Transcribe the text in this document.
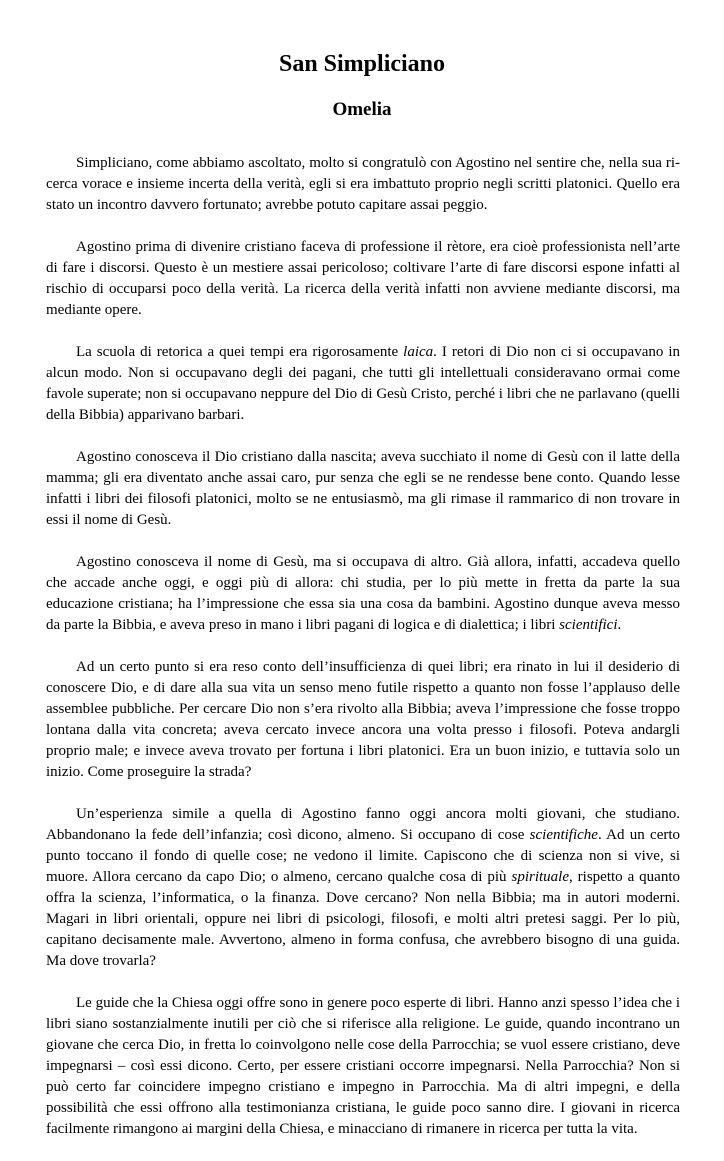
San Simpliciano
Omelia

Simpliciano, come abbiamo ascoltato, molto si congratulò con Agostino nel sentire che, nella sua ricerca vorace e insieme incerta della verità, egli si era imbattuto proprio negli scritti platonici. Quello era stato un incontro davvero fortunato; avrebbe potuto capitare assai peggio.

Agostino prima di divenire cristiano faceva di professione il rètore, era cioè professionista nell’arte di fare i discorsi. Questo è un mestiere assai pericoloso; coltivare l’arte di fare discorsi espone infatti al rischio di occuparsi poco della verità. La ricerca della verità infatti non avviene mediante discorsi, ma mediante opere.

La scuola di retorica a quei tempi era rigorosamente laica. I retori di Dio non ci si occupavano in alcun modo. Non si occupavano degli dei pagani, che tutti gli intellettuali consideravano ormai come favole superate; non si occupavano neppure del Dio di Gesù Cristo, perché i libri che ne parlavano (quelli della Bibbia) apparivano barbari.

Agostino conosceva il Dio cristiano dalla nascita; aveva succhiato il nome di Gesù con il latte della mamma; gli era diventato anche assai caro, pur senza che egli se ne rendesse bene conto. Quando lesse infatti i libri dei filosofi platonici, molto se ne entusiasmò, ma gli rimase il rammarico di non trovare in essi il nome di Gesù.

Agostino conosceva il nome di Gesù, ma si occupava di altro. Già allora, infatti, accadeva quello che accade anche oggi, e oggi più di allora: chi studia, per lo più mette in fretta da parte la sua educazione cristiana; ha l’impressione che essa sia una cosa da bambini. Agostino dunque aveva messo da parte la Bibbia, e aveva preso in mano i libri pagani di logica e di dialettica; i libri scientifici.

Ad un certo punto si era reso conto dell’insufficienza di quei libri; era rinato in lui il desiderio di conoscere Dio, e di dare alla sua vita un senso meno futile rispetto a quanto non fosse l’applauso delle assemblee pubbliche. Per cercare Dio non s’era rivolto alla Bibbia; aveva l’impressione che fosse troppo lontana dalla vita concreta; aveva cercato invece ancora una volta presso i filosofi. Poteva andargli proprio male; e invece aveva trovato per fortuna i libri platonici. Era un buon inizio, e tuttavia solo un inizio. Come proseguire la strada?

Un’esperienza simile a quella di Agostino fanno oggi ancora molti giovani, che studiano. Abbandonano la fede dell’infanzia; così dicono, almeno. Si occupano di cose scientifiche. Ad un certo punto toccano il fondo di quelle cose; ne vedono il limite. Capiscono che di scienza non si vive, si muore. Allora cercano da capo Dio; o almeno, cercano qualche cosa di più spirituale, rispetto a quanto offra la scienza, l’informatica, o la finanza. Dove cercano? Non nella Bibbia; ma in autori moderni. Magari in libri orientali, oppure nei libri di psicologi, filosofi, e molti altri pretesi saggi. Per lo più, capitano decisamente male. Avvertono, almeno in forma confusa, che avrebbero bisogno di una guida. Ma dove trovarla?

Le guide che la Chiesa oggi offre sono in genere poco esperte di libri. Hanno anzi spesso l’idea che i libri siano sostanzialmente inutili per ciò che si riferisce alla religione. Le guide, quando incontrano un giovane che cerca Dio, in fretta lo coinvolgono nelle cose della Parrocchia; se vuol essere cristiano, deve impegnarsi – così essi dicono. Certo, per essere cristiani occorre impegnarsi. Nella Parrocchia? Non si può certo far coincidere impegno cristiano e impegno in Parrocchia. Ma di altri impegni, e della possibilità che essi offrono alla testimonianza cristiana, le guide poco sanno dire. I giovani in ricerca facilmente rimangono ai margini della Chiesa, e minacciano di rimanere in ricerca per tutta la vita.
